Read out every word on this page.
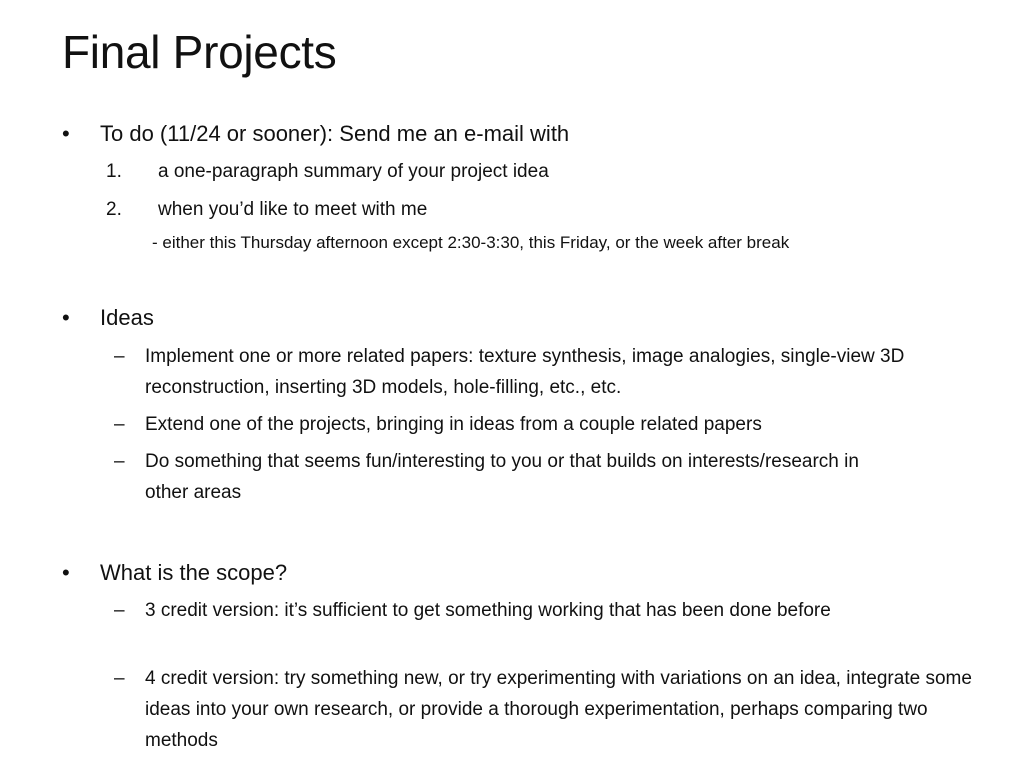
Final Projects
• To do (11/24 or sooner): Send me an e-mail with
1. a one-paragraph summary of your project idea
2. when you’d like to meet with me
- either this Thursday afternoon except 2:30-3:30, this Friday, or the week after break
• Ideas
– Implement one or more related papers: texture synthesis, image analogies, single-view 3D reconstruction, inserting 3D models, hole-filling, etc., etc.
– Extend one of the projects, bringing in ideas from a couple related papers
– Do something that seems fun/interesting to you or that builds on interests/research in other areas
• What is the scope?
– 3 credit version: it’s sufficient to get something working that has been done before
– 4 credit version: try something new, or try experimenting with variations on an idea, integrate some ideas into your own research, or provide a thorough experimentation, perhaps comparing two methods
